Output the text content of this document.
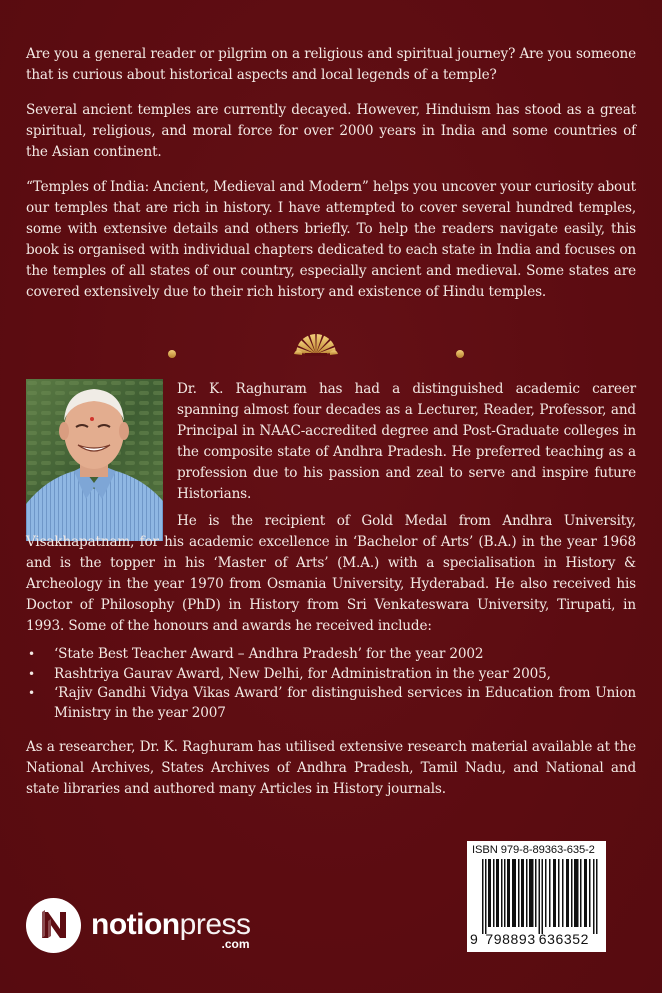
Are you a general reader or pilgrim on a religious and spiritual journey? Are you someone that is curious about historical aspects and local legends of a temple?

Several ancient temples are currently decayed. However, Hinduism has stood as a great spiritual, religious, and moral force for over 2000 years in India and some countries of the Asian continent.

“Temples of India: Ancient, Medieval and Modern” helps you uncover your curiosity about our temples that are rich in history. I have attempted to cover several hundred temples, some with extensive details and others briefly. To help the readers navigate easily, this book is organised with individual chapters dedicated to each state in India and focuses on the temples of all states of our country, especially ancient and medieval. Some states are covered extensively due to their rich history and existence of Hindu temples.

Dr. K. Raghuram has had a distinguished academic career spanning almost four decades as a Lecturer, Reader, Professor, and Principal in NAAC-accredited degree and Post-Graduate colleges in the composite state of Andhra Pradesh. He preferred teaching as a profession due to his passion and zeal to serve and inspire future Historians.

He is the recipient of Gold Medal from Andhra University, Visakhapatnam, for his academic excellence in ‘Bachelor of Arts’ (B.A.) in the year 1968 and is the topper in his ‘Master of Arts’ (M.A.) with a specialisation in History & Archeology in the year 1970 from Osmania University, Hyderabad. He also received his Doctor of Philosophy (PhD) in History from Sri Venkateswara University, Tirupati, in 1993. Some of the honours and awards he received include:

• ‘State Best Teacher Award – Andhra Pradesh’ for the year 2002
• Rashtriya Gaurav Award, New Delhi, for Administration in the year 2005,
• ‘Rajiv Gandhi Vidya Vikas Award’ for distinguished services in Education from Union Ministry in the year 2007

As a researcher, Dr. K. Raghuram has utilised extensive research material available at the National Archives, States Archives of Andhra Pradesh, Tamil Nadu, and National and state libraries and authored many Articles in History journals.

ISBN 979-8-89363-635-2
9 798893 636352
notionpress
.com
